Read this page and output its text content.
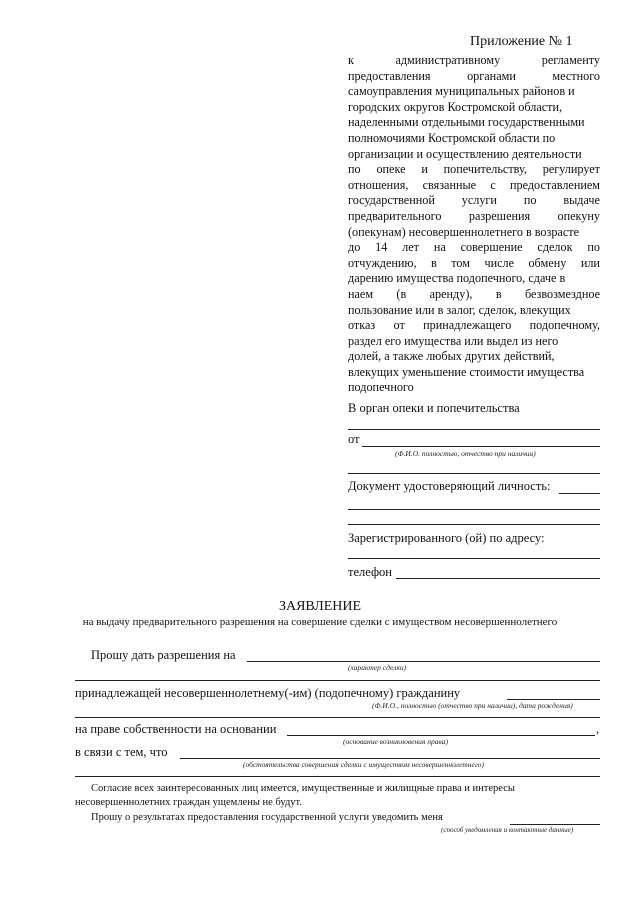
Приложение № 1
к	административному	регламенту
предоставления	органами	местного
самоуправления муниципальных районов и
городских округов Костромской области,
наделенными отдельными государственными
полномочиями Костромской области по
организации и осуществлению деятельности
по опеке и попечительству, регулирует
отношения, связанные с предоставлением
государственной услуги по выдаче
предварительного разрешения опекуну
(опекунам) несовершеннолетнего в возрасте
до 14 лет на совершение сделок по
отчуждению, в том числе обмену или
дарению имущества подопечного, сдаче в
наем (в аренду), в безвозмездное
пользование или в залог, сделок, влекущих
отказ от принадлежащего подопечному,
раздел его имущества или выдел из него
долей, а также любых других действий,
влекущих уменьшение стоимости имущества
подопечного
В орган опеки и попечительства
от
(Ф.И.О. полностью, отчество при наличии)
Документ удостоверяющий личность:
Зарегистрированного (ой) по адресу:
телефон
ЗАЯВЛЕНИЕ
на выдачу предварительного разрешения на совершение сделки с имуществом несовершеннолетнего
Прошу дать разрешения на
(характер сделки)
принадлежащей несовершеннолетнему(-им) (подопечному) гражданину
(Ф.И.О., полностью (отчество при наличии), дата рождения)
на праве собственности на основании	,
(основание возникновения права)
в связи с тем, что
(обстоятельства совершения сделки с имуществом несовершеннолетнего)
Согласие всех заинтересованных лиц имеется, имущественные и жилищные права и интересы
несовершеннолетних граждан ущемлены не будут.
Прошу о результатах предоставления государственной услуги уведомить меня
(способ уведомления и контактные данные)
